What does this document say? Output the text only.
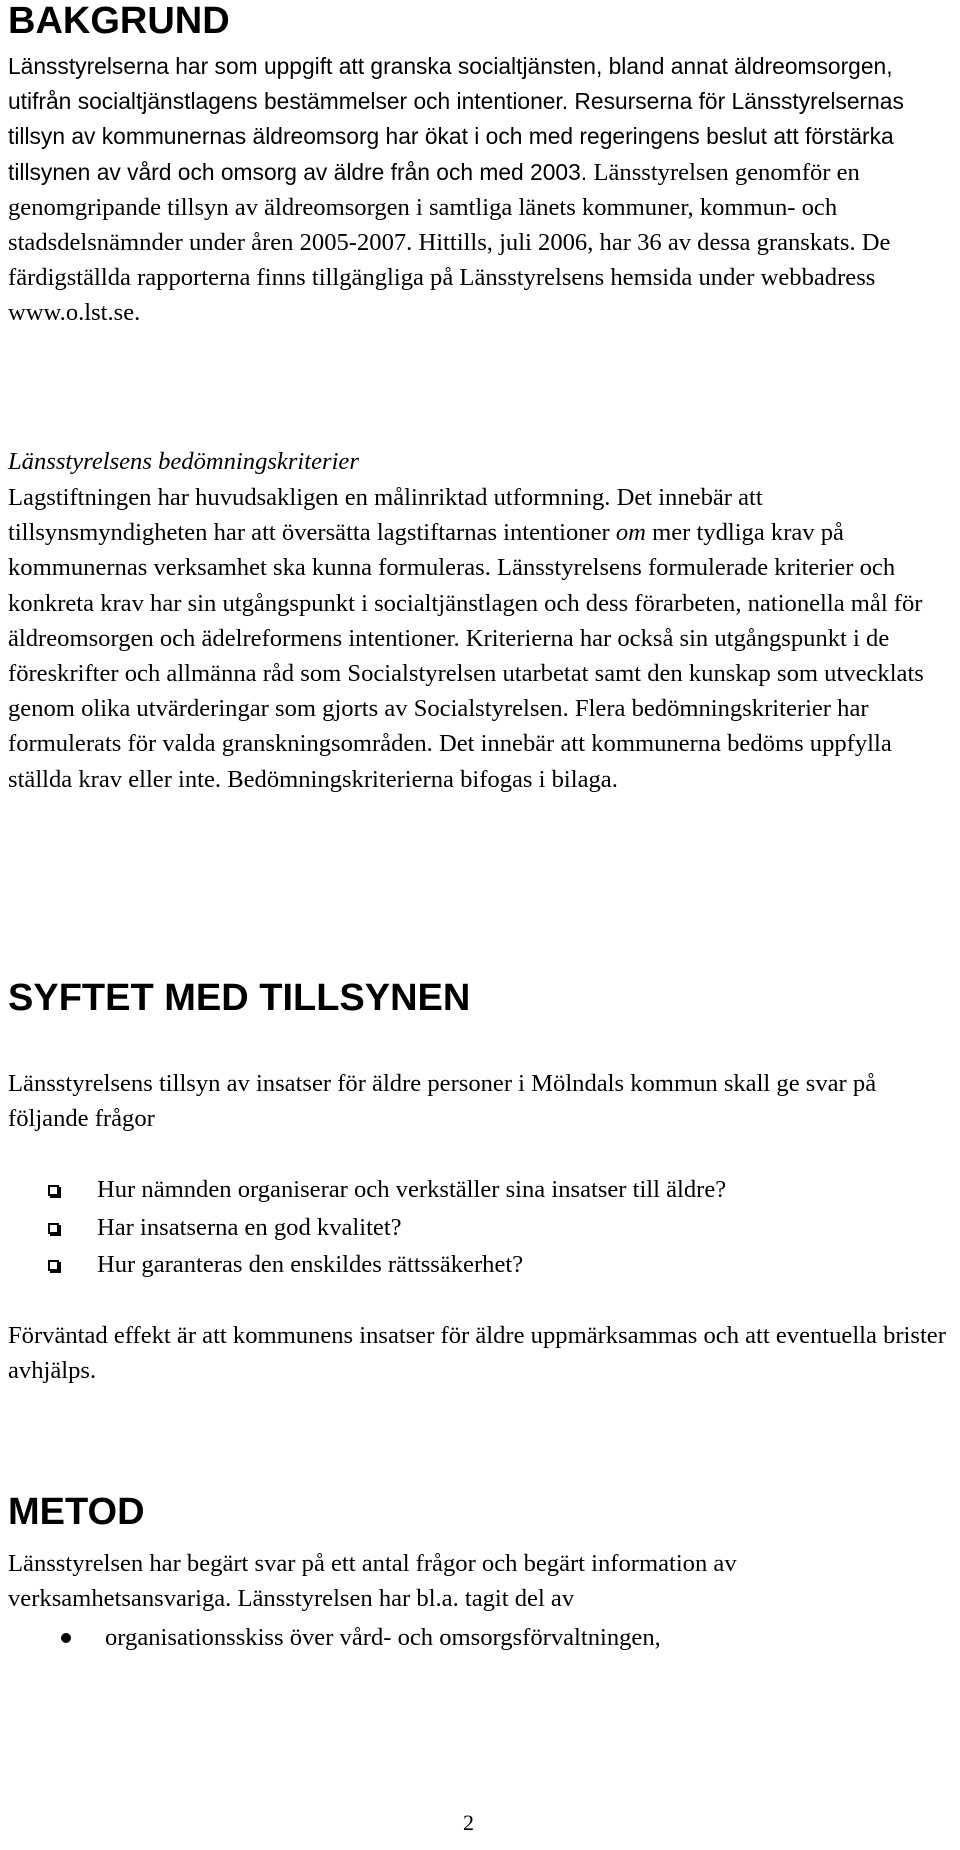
BAKGRUND

Länsstyrelserna har som uppgift att granska socialtjänsten, bland annat äldreomsorgen, utifrån socialtjänstlagens bestämmelser och intentioner. Resurserna för Länsstyrelsernas tillsyn av kommunernas äldreomsorg har ökat i och med regeringens beslut att förstärka tillsynen av vård och omsorg av äldre från och med 2003. Länsstyrelsen genomför en genomgripande tillsyn av äldreomsorgen i samtliga länets kommuner, kommun- och stadsdelsnämnder under åren 2005-2007. Hittills, juli 2006, har 36 av dessa granskats. De färdigställda rapporterna finns tillgängliga på Länsstyrelsens hemsida under webbadress www.o.lst.se.

Länsstyrelsens bedömningskriterier

Lagstiftningen har huvudsakligen en målinriktad utformning. Det innebär att tillsynsmyndigheten har att översätta lagstiftarnas intentioner om mer tydliga krav på kommunernas verksamhet ska kunna formuleras. Länsstyrelsens formulerade kriterier och konkreta krav har sin utgångspunkt i socialtjänstlagen och dess förarbeten, nationella mål för äldreomsorgen och ädelreformens intentioner. Kriterierna har också sin utgångspunkt i de föreskrifter och allmänna råd som Socialstyrelsen utarbetat samt den kunskap som utvecklats genom olika utvärderingar som gjorts av Socialstyrelsen. Flera bedömningskriterier har formulerats för valda granskningsområden. Det innebär att kommunerna bedöms uppfylla ställda krav eller inte. Bedömningskriterierna bifogas i bilaga.

SYFTET MED TILLSYNEN

Länsstyrelsens tillsyn av insatser för äldre personer i Mölndals kommun skall ge svar på följande frågor

Hur nämnden organiserar och verkställer sina insatser till äldre?
Har insatserna en god kvalitet?
Hur garanteras den enskildes rättssäkerhet?

Förväntad effekt är att kommunens insatser för äldre uppmärksammas och att eventuella brister avhjälps.

METOD

Länsstyrelsen har begärt svar på ett antal frågor och begärt information av verksamhetsansvariga. Länsstyrelsen har bl.a. tagit del av

organisationsskiss över vård- och omsorgsförvaltningen,
2
